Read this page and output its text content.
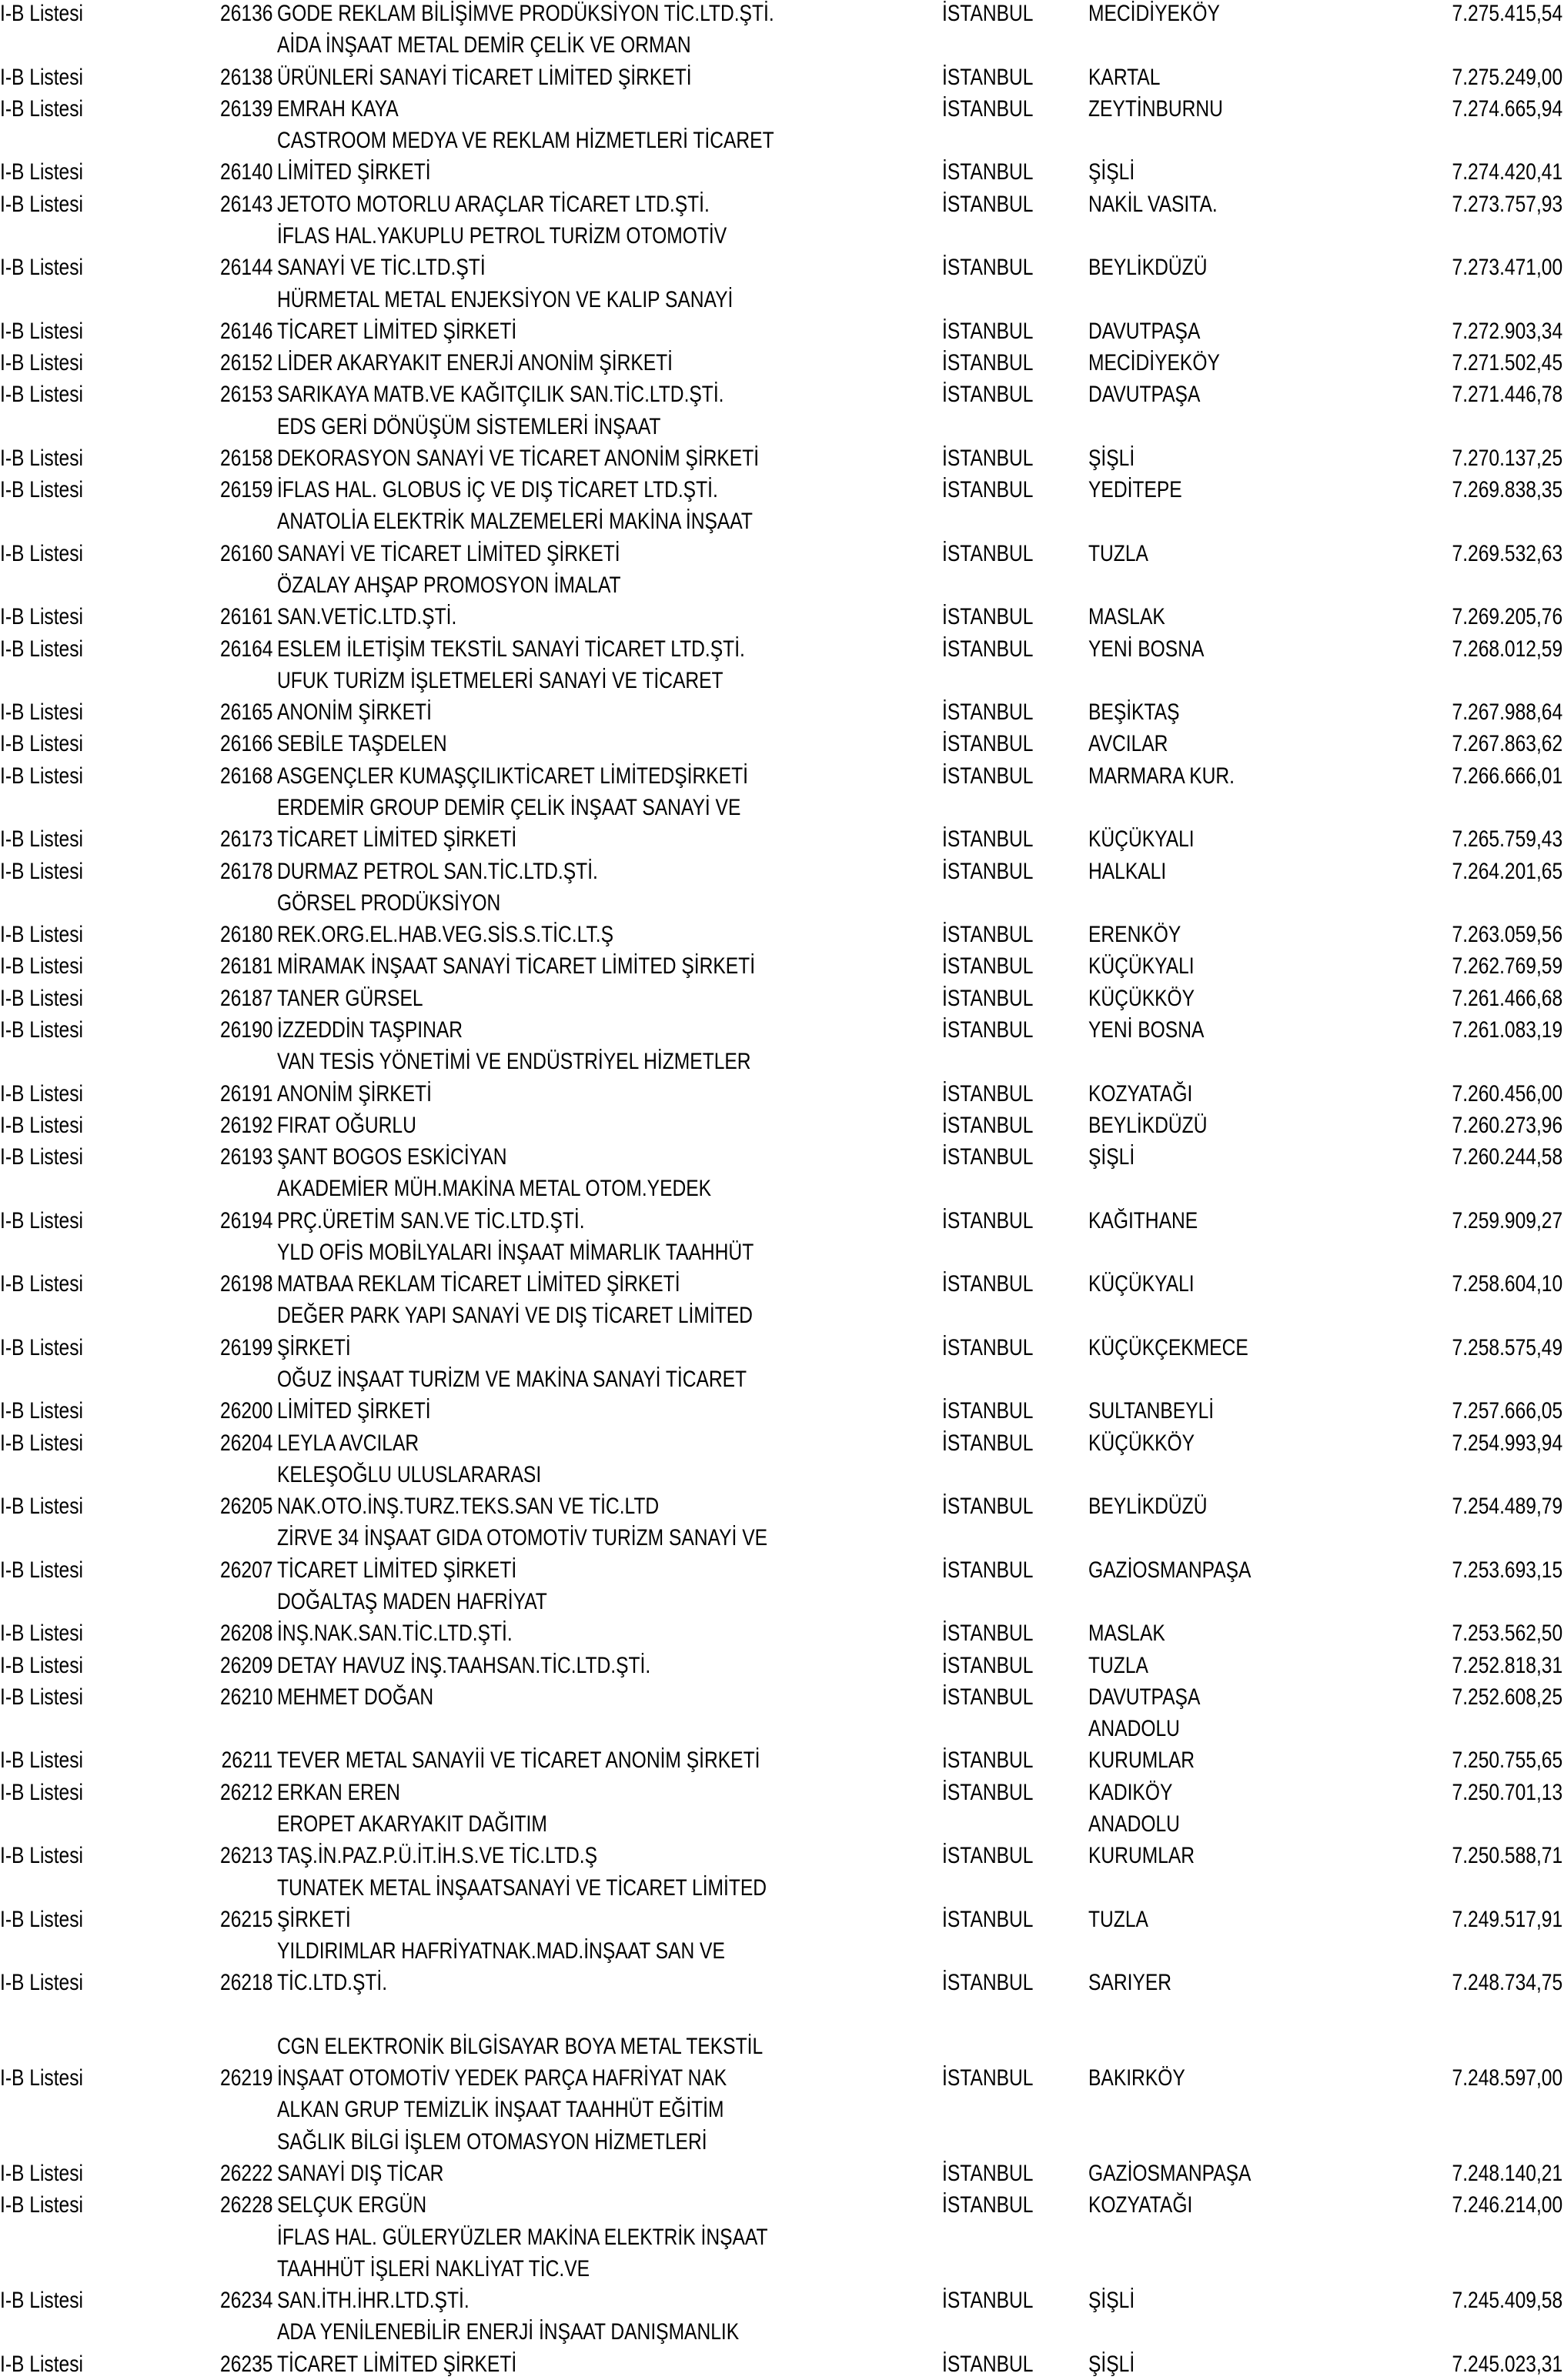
I-B Listesi	26136 GODE REKLAM BİLİŞİMVE PRODÜKSİYON TİC.LTD.ŞTİ.	İSTANBUL	MECİDİYEKÖY	7.275.415,54
AİDA İNŞAAT METAL DEMİR ÇELİK VE ORMAN
I-B Listesi	26138 ÜRÜNLERİ SANAYİ TİCARET LİMİTED ŞİRKETİ	İSTANBUL	KARTAL	7.275.249,00
I-B Listesi	26139 EMRAH KAYA	İSTANBUL	ZEYTİNBURNU	7.274.665,94
CASTROOM MEDYA VE REKLAM HİZMETLERİ TİCARET
I-B Listesi	26140 LİMİTED ŞİRKETİ	İSTANBUL	ŞİŞLİ	7.274.420,41
I-B Listesi	26143 JETOTO MOTORLU ARAÇLAR TİCARET LTD.ŞTİ.	İSTANBUL	NAKİL VASITA.	7.273.757,93
İFLAS HAL.YAKUPLU PETROL TURİZM OTOMOTİV
I-B Listesi	26144 SANAYİ VE TİC.LTD.ŞTİ	İSTANBUL	BEYLİKDÜZÜ	7.273.471,00
HÜRMETAL METAL ENJEKSİYON VE KALIP SANAYİ
I-B Listesi	26146 TİCARET LİMİTED ŞİRKETİ	İSTANBUL	DAVUTPAŞA	7.272.903,34
I-B Listesi	26152 LİDER AKARYAKIT ENERJİ ANONİM ŞİRKETİ	İSTANBUL	MECİDİYEKÖY	7.271.502,45
I-B Listesi	26153 SARIKAYA MATB.VE KAĞITÇILIK SAN.TİC.LTD.ŞTİ.	İSTANBUL	DAVUTPAŞA	7.271.446,78
EDS GERİ DÖNÜŞÜM SİSTEMLERİ İNŞAAT
I-B Listesi	26158 DEKORASYON SANAYİ VE TİCARET ANONİM ŞİRKETİ	İSTANBUL	ŞİŞLİ	7.270.137,25
I-B Listesi	26159 İFLAS HAL. GLOBUS İÇ VE DIŞ TİCARET LTD.ŞTİ.	İSTANBUL	YEDİTEPE	7.269.838,35
ANATOLİA ELEKTRİK MALZEMELERİ MAKİNA İNŞAAT
I-B Listesi	26160 SANAYİ VE TİCARET LİMİTED ŞİRKETİ	İSTANBUL	TUZLA	7.269.532,63
ÖZALAY AHŞAP PROMOSYON İMALAT
I-B Listesi	26161 SAN.VETİC.LTD.ŞTİ.	İSTANBUL	MASLAK	7.269.205,76
I-B Listesi	26164 ESLEM İLETİŞİM TEKSTİL SANAYİ TİCARET LTD.ŞTİ.	İSTANBUL	YENİ BOSNA	7.268.012,59
UFUK TURİZM İŞLETMELERİ SANAYİ VE TİCARET
I-B Listesi	26165 ANONİM ŞİRKETİ	İSTANBUL	BEŞİKTAŞ	7.267.988,64
I-B Listesi	26166 SEBİLE TAŞDELEN	İSTANBUL	AVCILAR	7.267.863,62
I-B Listesi	26168 ASGENÇLER KUMAŞÇILIKTİCARET LİMİTEDŞİRKETİ	İSTANBUL	MARMARA KUR.	7.266.666,01
ERDEMİR GROUP DEMİR ÇELİK İNŞAAT SANAYİ VE
I-B Listesi	26173 TİCARET LİMİTED ŞİRKETİ	İSTANBUL	KÜÇÜKYALI	7.265.759,43
I-B Listesi	26178 DURMAZ PETROL SAN.TİC.LTD.ŞTİ.	İSTANBUL	HALKALI	7.264.201,65
GÖRSEL PRODÜKSİYON
I-B Listesi	26180 REK.ORG.EL.HAB.VEG.SİS.S.TİC.LT.Ş	İSTANBUL	ERENKÖY	7.263.059,56
I-B Listesi	26181 MİRAMAK İNŞAAT SANAYİ TİCARET LİMİTED ŞİRKETİ	İSTANBUL	KÜÇÜKYALI	7.262.769,59
I-B Listesi	26187 TANER GÜRSEL	İSTANBUL	KÜÇÜKKÖY	7.261.466,68
I-B Listesi	26190 İZZEDDİN TAŞPINAR	İSTANBUL	YENİ BOSNA	7.261.083,19
VAN TESİS YÖNETİMİ VE ENDÜSTRİYEL HİZMETLER
I-B Listesi	26191 ANONİM ŞİRKETİ	İSTANBUL	KOZYATAĞI	7.260.456,00
I-B Listesi	26192 FIRAT OĞURLU	İSTANBUL	BEYLİKDÜZÜ	7.260.273,96
I-B Listesi	26193 ŞANT BOGOS ESKİCİYAN	İSTANBUL	ŞİŞLİ	7.260.244,58
AKADEMİER MÜH.MAKİNA METAL OTOM.YEDEK
I-B Listesi	26194 PRÇ.ÜRETİM SAN.VE TİC.LTD.ŞTİ.	İSTANBUL	KAĞITHANE	7.259.909,27
YLD OFİS MOBİLYALARI İNŞAAT MİMARLIK TAAHHÜT
I-B Listesi	26198 MATBAA REKLAM TİCARET LİMİTED ŞİRKETİ	İSTANBUL	KÜÇÜKYALI	7.258.604,10
DEĞER PARK YAPI SANAYİ VE DIŞ TİCARET LİMİTED
I-B Listesi	26199 ŞİRKETİ	İSTANBUL	KÜÇÜKÇEKMECE	7.258.575,49
OĞUZ İNŞAAT TURİZM VE MAKİNA SANAYİ TİCARET
I-B Listesi	26200 LİMİTED ŞİRKETİ	İSTANBUL	SULTANBEYLİ	7.257.666,05
I-B Listesi	26204 LEYLA AVCILAR	İSTANBUL	KÜÇÜKKÖY	7.254.993,94
KELEŞOĞLU ULUSLARARASI
I-B Listesi	26205 NAK.OTO.İNŞ.TURZ.TEKS.SAN VE TİC.LTD	İSTANBUL	BEYLİKDÜZÜ	7.254.489,79
ZİRVE 34 İNŞAAT GIDA OTOMOTİV TURİZM SANAYİ VE
I-B Listesi	26207 TİCARET LİMİTED ŞİRKETİ	İSTANBUL	GAZİOSMANPAŞA	7.253.693,15
DOĞALTAŞ MADEN HAFRİYAT
I-B Listesi	26208 İNŞ.NAK.SAN.TİC.LTD.ŞTİ.	İSTANBUL	MASLAK	7.253.562,50
I-B Listesi	26209 DETAY HAVUZ İNŞ.TAAHSAN.TİC.LTD.ŞTİ.	İSTANBUL	TUZLA	7.252.818,31
I-B Listesi	26210 MEHMET DOĞAN	İSTANBUL	DAVUTPAŞA	7.252.608,25
ANADOLU
I-B Listesi	26211 TEVER METAL SANAYİİ VE TİCARET ANONİM ŞİRKETİ	İSTANBUL	KURUMLAR	7.250.755,65
I-B Listesi	26212 ERKAN EREN	İSTANBUL	KADIKÖY	7.250.701,13
EROPET AKARYAKIT DAĞITIM	ANADOLU
I-B Listesi	26213 TAŞ.İN.PAZ.P.Ü.İT.İH.S.VE TİC.LTD.Ş	İSTANBUL	KURUMLAR	7.250.588,71
TUNATEK METAL İNŞAATSANAYİ VE TİCARET LİMİTED
I-B Listesi	26215 ŞİRKETİ	İSTANBUL	TUZLA	7.249.517,91
YILDIRIMLAR HAFRİYATNAK.MAD.İNŞAAT SAN VE
I-B Listesi	26218 TİC.LTD.ŞTİ.	İSTANBUL	SARIYER	7.248.734,75
CGN ELEKTRONİK BİLGİSAYAR BOYA METAL TEKSTİL
I-B Listesi	26219 İNŞAAT OTOMOTİV YEDEK PARÇA HAFRİYAT NAK	İSTANBUL	BAKIRKÖY	7.248.597,00
ALKAN GRUP TEMİZLİK İNŞAAT TAAHHÜT EĞİTİM
SAĞLIK BİLGİ İŞLEM OTOMASYON HİZMETLERİ
I-B Listesi	26222 SANAYİ DIŞ TİCAR	İSTANBUL	GAZİOSMANPAŞA	7.248.140,21
I-B Listesi	26228 SELÇUK ERGÜN	İSTANBUL	KOZYATAĞI	7.246.214,00
İFLAS HAL. GÜLERYÜZLER MAKİNA ELEKTRİK İNŞAAT
TAAHHÜT İŞLERİ NAKLİYAT TİC.VE
I-B Listesi	26234 SAN.İTH.İHR.LTD.ŞTİ.	İSTANBUL	ŞİŞLİ	7.245.409,58
ADA YENİLENEBİLİR ENERJİ İNŞAAT DANIŞMANLIK
I-B Listesi	26235 TİCARET LİMİTED ŞİRKETİ	İSTANBUL	ŞİŞLİ	7.245.023,31
